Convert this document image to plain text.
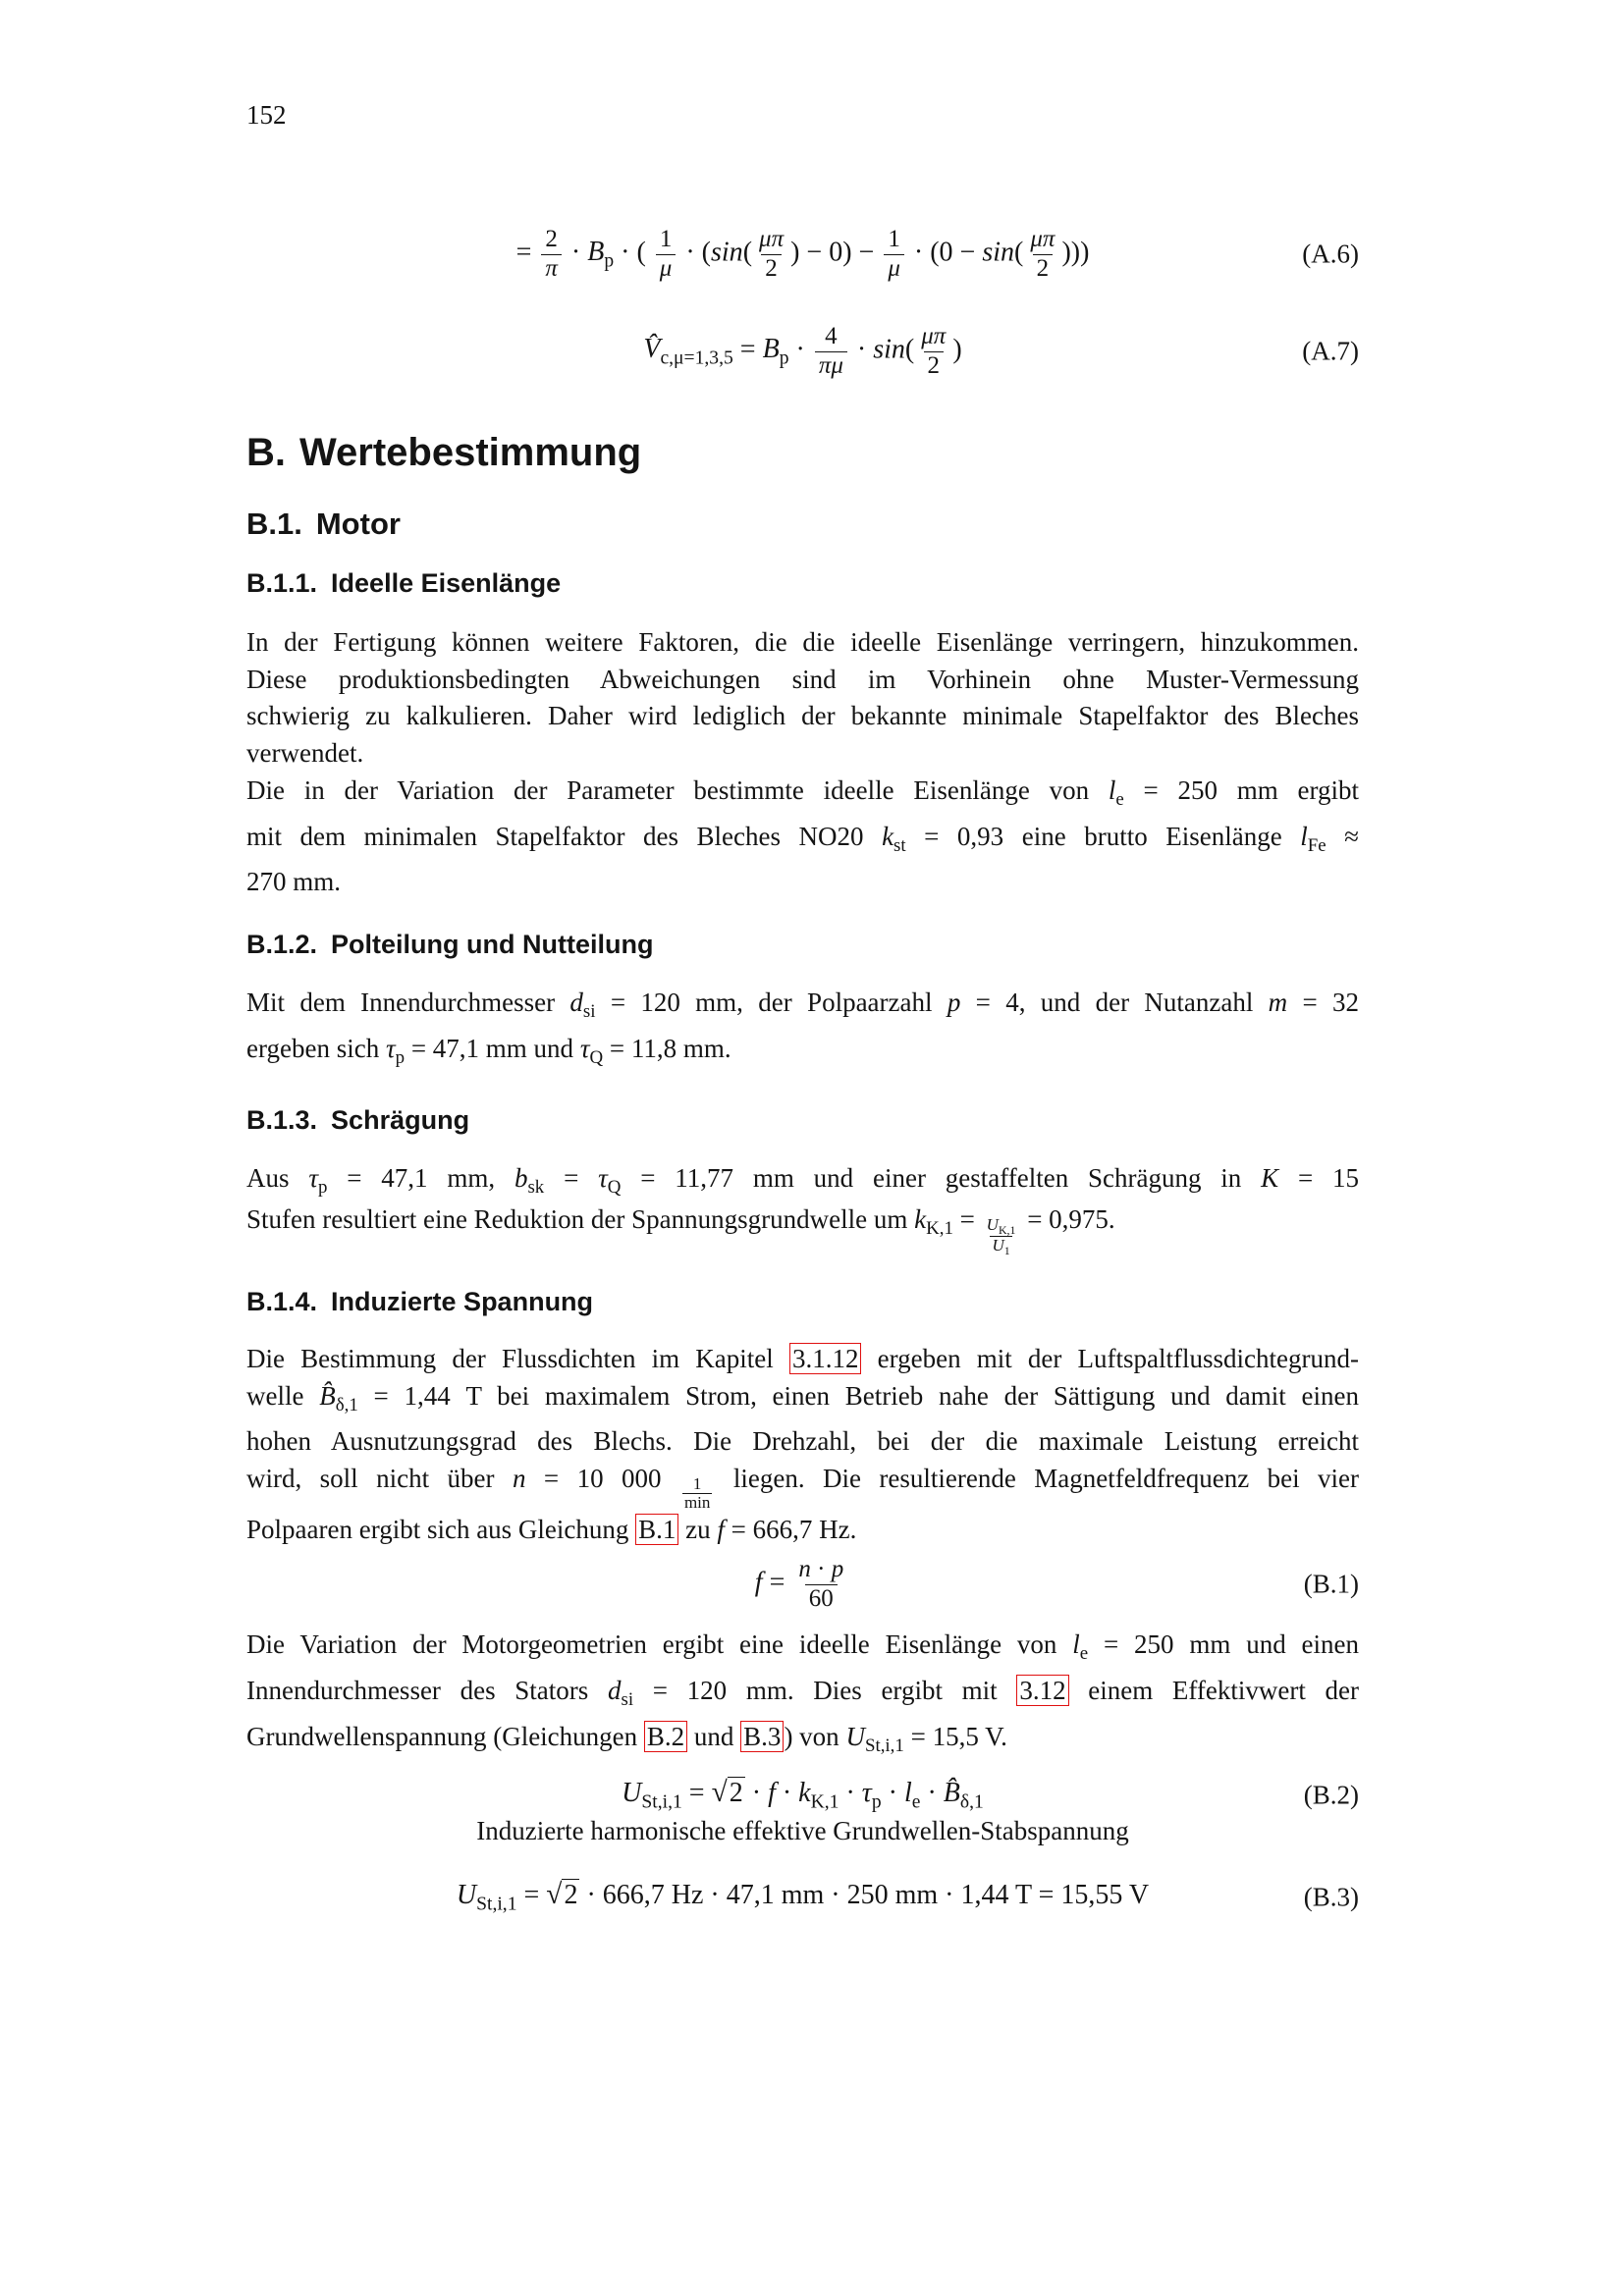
152
= $\frac{2}{\pi} \cdot B_p$ · ( $\frac{1}{\mu} \cdot (\sin( \frac{\mu\pi}{2}$ ) − $0) - \frac{1}{\mu} \cdot (0 - \sin( \frac{\mu\pi}{2}$ )))	(A.6)
$V̂_{c,\mu=1,3,5} = B_p \cdot \frac{4}{\pi\mu} \cdot \sin( \frac{\mu\pi}{2}$ )	(A.7)
B. Wertebestimmung
B.1. Motor
B.1.1. Ideelle Eisenlänge
In der Fertigung können weitere Faktoren, die die ideelle Eisenlänge verringern, hinzukommen.
Diese produktionsbedingten Abweichungen sind im Vorhinein ohne Muster-Vermessung
schwierig zu kalkulieren. Daher wird lediglich der bekannte minimale Stapelfaktor des Bleches
verwendet.
Die in der Variation der Parameter bestimmte ideelle Eisenlänge von $l_e = 250$ mm ergibt
mit dem minimalen Stapelfaktor des Bleches NO20 $k_{st} = 0,93$ eine brutto Eisenlänge $l_{Fe}$ ≈
270 mm.
B.1.2. Polteilung und Nutteilung
Mit dem Innendurchmesser $d_{si} = 120$ mm, der Polpaarzahl p = 4, und der Nutanzahl m = 32
ergeben sich $\tau_p = 47,1$ mm und $\tau_Q = 11,8$ mm.
B.1.3. Schrägung
Aus $\tau_p = 47,1$ mm, $b_{sk} = \tau_Q = 11,77$ mm und einer gestaffelten Schrägung in K = 15
Stufen resultiert eine Reduktion der Spannungsgrundwelle um $k_{K,1} = \frac{U_{K,1}}{U_1} = 0,975$.
B.1.4. Induzierte Spannung
Die Bestimmung der Flussdichten im Kapitel 3.1.12 ergeben mit der Luftspaltflussdichtegrund-
welle $B̂_{\delta,1} = 1,44$ T bei maximalem Strom, einen Betrieb nahe der Sättigung und damit einen
hohen Ausnutzungsgrad des Blechs. Die Drehzahl, bei der die maximale Leistung erreicht
wird, soll nicht über n = 10 $000 \frac{1}{\min}$ liegen. Die resultierende Magnetfeldfrequenz bei vier
Polpaaren ergibt sich aus Gleichung B.1 zu f = 666,7 Hz.
$f = \frac{n \cdot p}{60}$	(B.1)
Die Variation der Motorgeometrien ergibt eine ideelle Eisenlänge von $l_e = 250$ mm und einen
Innendurchmesser des Stators $d_{si} = 120$ mm. Dies ergibt mit 3.12 einem Effektivwert der
Grundwellenspannung (Gleichungen B.2 und B.3 ) von $U_{St,i,1} = 15,5$ V.
$U_{St,i,1} = √2 \cdot f \cdot k_{K,1} \cdot \tau_p \cdot l_e$ · $B̂_{\delta,1}$	(B.2)
Induzierte harmonische effektive Grundwellen-Stabspannung
$U_{St,i,1} = √2 \cdot 666,7$ Hz · 47,1 mm · 250 mm · 1,44 T = 15,55 V	(B.3)
